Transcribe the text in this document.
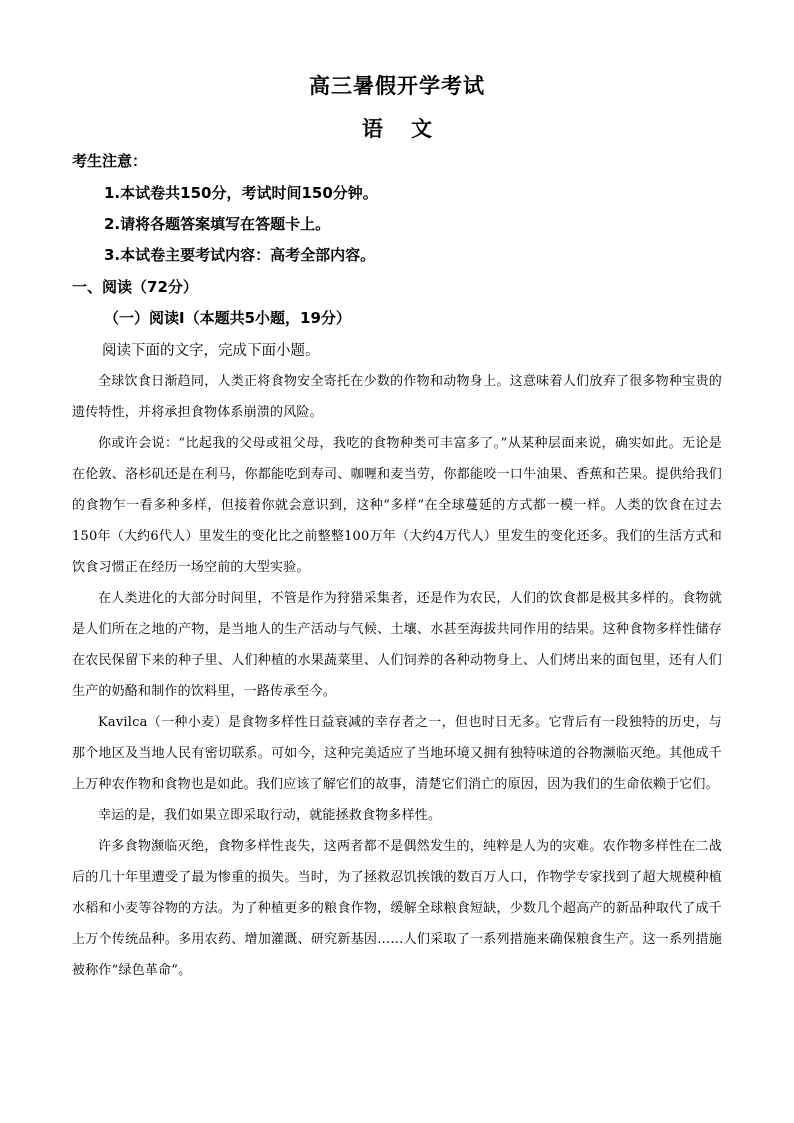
高三暑假开学考试
语 文
考生注意：
1.本试卷共150分，考试时间150分钟。
2.请将各题答案填写在答题卡上。
3.本试卷主要考试内容：高考全部内容。
一、阅读（72分）
（一）阅读Ⅰ（本题共5小题，19分）
阅读下面的文字，完成下面小题。

全球饮食日渐趋同，人类正将食物安全寄托在少数的作物和动物身上。这意味着人们放弃了很多物种宝贵的遗传特性，并将承担食物体系崩溃的风险。

你或许会说：“比起我的父母或祖父母，我吃的食物种类可丰富多了。”从某种层面来说，确实如此。无论是在伦敦、洛杉矶还是在利马，你都能吃到寿司、咖喱和麦当劳，你都能咬一口牛油果、香蕉和芒果。提供给我们的食物乍一看多种多样，但接着你就会意识到，这种“多样”在全球蔓延的方式都一模一样。人类的饮食在过去150年（大约6代人）里发生的变化比之前整整100万年（大约4万代人）里发生的变化还多。我们的生活方式和饮食习惯正在经历一场空前的大型实验。

在人类进化的大部分时间里，不管是作为狩猎采集者，还是作为农民，人们的饮食都是极其多样的。食物就是人们所在之地的产物，是当地人的生产活动与气候、土壤、水甚至海拔共同作用的结果。这种食物多样性储存在农民保留下来的种子里、人们种植的水果蔬菜里、人们饲养的各种动物身上、人们烤出来的面包里，还有人们生产的奶酪和制作的饮料里，一路传承至今。

Kavilca（一种小麦）是食物多样性日益衰减的幸存者之一，但也时日无多。它背后有一段独特的历史，与那个地区及当地人民有密切联系。可如今，这种完美适应了当地环境又拥有独特味道的谷物濒临灭绝。其他成千上万种农作物和食物也是如此。我们应该了解它们的故事，清楚它们消亡的原因，因为我们的生命依赖于它们。

幸运的是，我们如果立即采取行动，就能拯救食物多样性。

许多食物濒临灭绝，食物多样性丧失，这两者都不是偶然发生的，纯粹是人为的灾难。农作物多样性在二战后的几十年里遭受了最为惨重的损失。当时，为了拯救忍饥挨饿的数百万人口，作物学专家找到了超大规模种植水稻和小麦等谷物的方法。为了种植更多的粮食作物，缓解全球粮食短缺，少数几个超高产的新品种取代了成千上万个传统品种。多用农药、增加灌溉、研究新基因……人们采取了一系列措施来确保粮食生产。这一系列措施被称作“绿色革命”。
